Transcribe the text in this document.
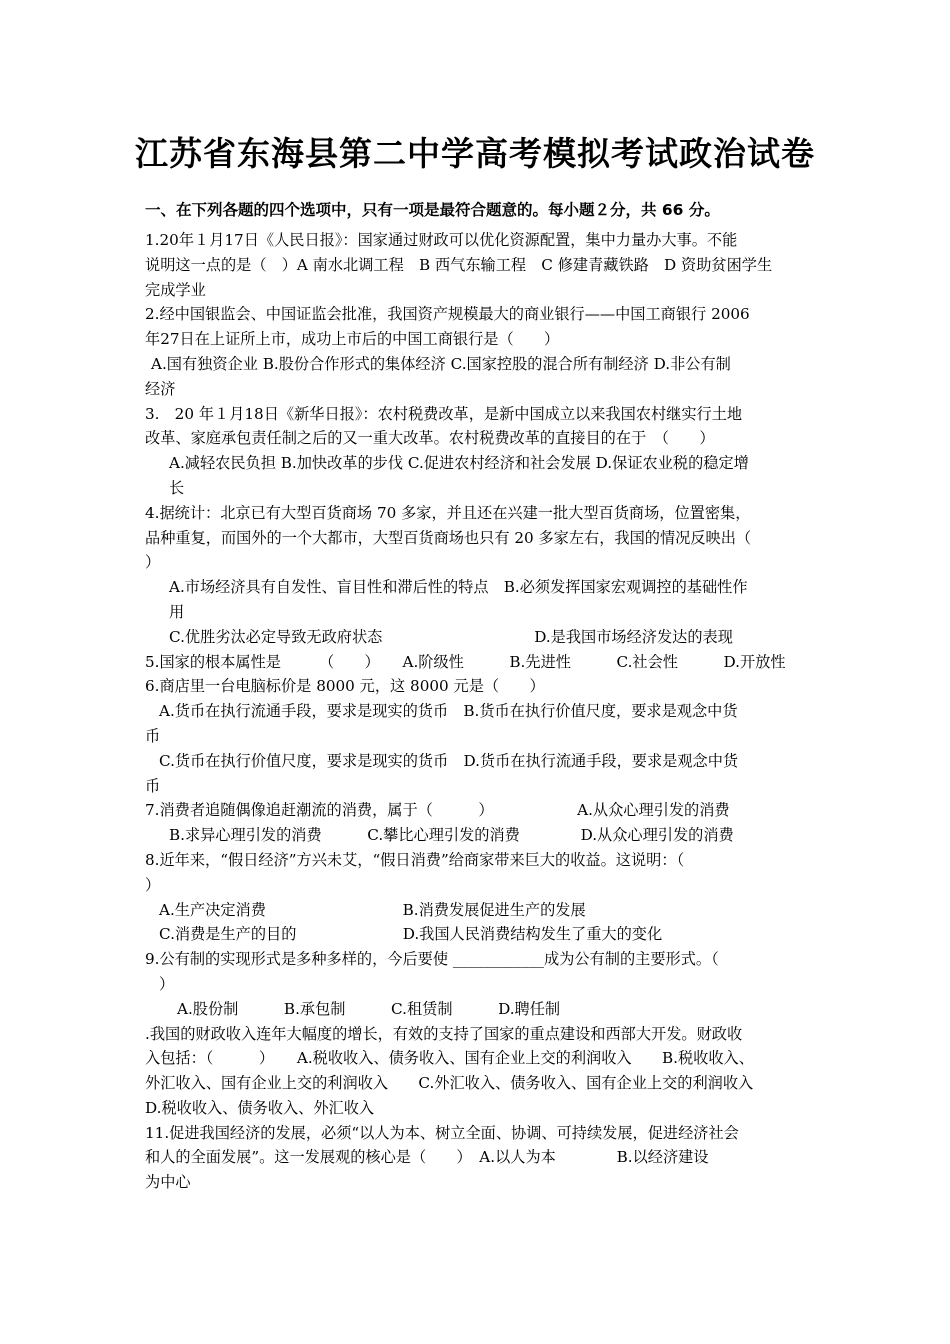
江苏省东海县第二中学高考模拟考试政治试卷
一、在下列各题的四个选项中，只有一项是最符合题意的。每小题２分，共 66 分。
1.20年１月17日《人民日报》：国家通过财政可以优化资源配置，集中力量办大事。不能
说明这一点的是（　）A 南水北调工程　B 西气东输工程　C 修建青藏铁路　D 资助贫困学生
完成学业
2.经中国银监会、中国证监会批准，我国资产规模最大的商业银行——中国工商银行 2006
年27日在上证所上市，成功上市后的中国工商银行是（　　）
A.国有独资企业 B.股份合作形式的集体经济 C.国家控股的混合所有制经济 D.非公有制
经济
3.　20 年１月18日《新华日报》：农村税费改革，是新中国成立以来我国农村继实行土地
改革、家庭承包责任制之后的又一重大改革。农村税费改革的直接目的在于　（　　）
A.减轻农民负担 B.加快改革的步伐 C.促进农村经济和社会发展 D.保证农业税的稳定增
长
4.据统计：北京已有大型百货商场 70 多家，并且还在兴建一批大型百货商场，位置密集，
品种重复，而国外的一个大都市，大型百货商场也只有 20 多家左右，我国的情况反映出（
）
A.市场经济具有自发性、盲目性和滞后性的特点　B.必须发挥国家宏观调控的基础性作
用
C.优胜劣汰必定导致无政府状态　　　　　　　　　　D.是我国市场经济发达的表现
5.国家的根本属性是　　　（　　）　　A.阶级性　　　B.先进性　　　C.社会性　　　D.开放性
6.商店里一台电脑标价是 8000 元，这 8000 元是（　　）
A.货币在执行流通手段，要求是现实的货币　B.货币在执行价值尺度，要求是观念中货
币
C.货币在执行价值尺度，要求是现实的货币　D.货币在执行流通手段，要求是观念中货
币
7.消费者追随偶像追赶潮流的消费，属于（　　　）　　　　　　A.从众心理引发的消费
B.求异心理引发的消费　　　C.攀比心理引发的消费　　　　D.从众心理引发的消费
8.近年来，“假日经济”方兴未艾，“假日消费”给商家带来巨大的收益。这说明：（
）
A.生产决定消费　　　　　　　　　B.消费发展促进生产的发展
C.消费是生产的目的　　　　　　　D.我国人民消费结构发生了重大的变化
9.公有制的实现形式是多种多样的，今后要使 ____________成为公有制的主要形式。（
）
A.股份制　　　B.承包制　　　C.租赁制　　　D.聘任制
.我国的财政收入连年大幅度的增长，有效的支持了国家的重点建设和西部大开发。财政收
入包括：（　　　）　　A.税收收入、债务收入、国有企业上交的利润收入　　B.税收收入、
外汇收入、国有企业上交的利润收入　　C.外汇收入、债务收入、国有企业上交的利润收入
D.税收收入、债务收入、外汇收入
11.促进我国经济的发展，必须“以人为本、树立全面、协调、可持续发展，促进经济社会
和人的全面发展”。这一发展观的核心是（　　）　A.以人为本　　　　B.以经济建设
为中心
